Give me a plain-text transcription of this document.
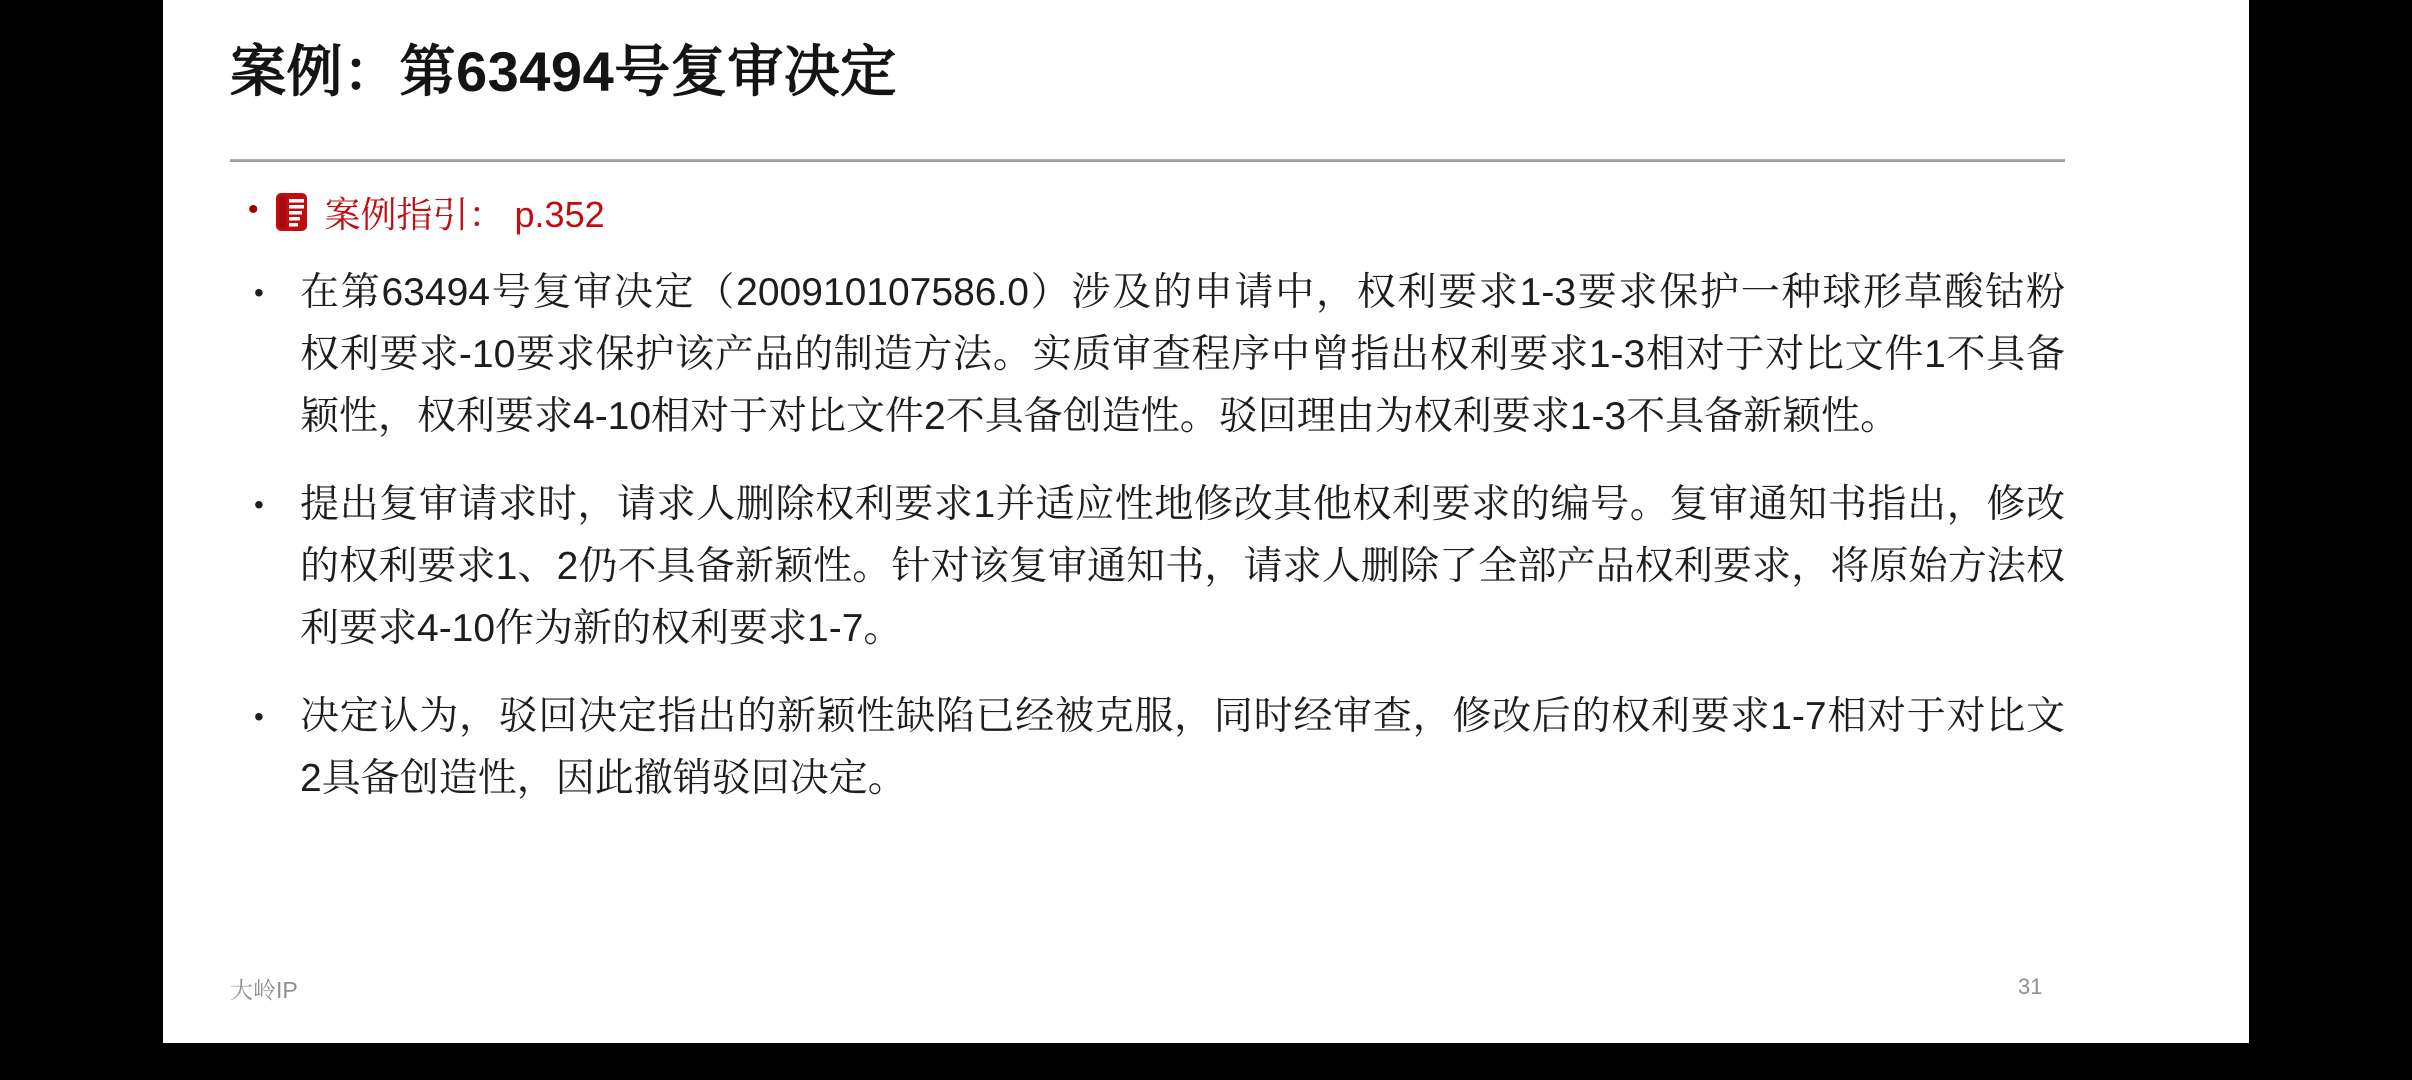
案例：第63494号复审决定
• 案例指引： p.352
• 在第63494号复审决定（200910107586.0）涉及的申请中，权利要求1-3要求保护一种球形草酸钴粉
权利要求-10要求保护该产品的制造方法。实质审查程序中曾指出权利要求1-3相对于对比文件1不具备
颖性，权利要求4-10相对于对比文件2不具备创造性。驳回理由为权利要求1-3不具备新颖性。
• 提出复审请求时，请求人删除权利要求1并适应性地修改其他权利要求的编号。复审通知书指出，修改
的权利要求1、2仍不具备新颖性。针对该复审通知书，请求人删除了全部产品权利要求，将原始方法权
利要求4-10作为新的权利要求1-7。
• 决定认为，驳回决定指出的新颖性缺陷已经被克服，同时经审查，修改后的权利要求1-7相对于对比文
2具备创造性，因此撤销驳回决定。
大岭IP	31
